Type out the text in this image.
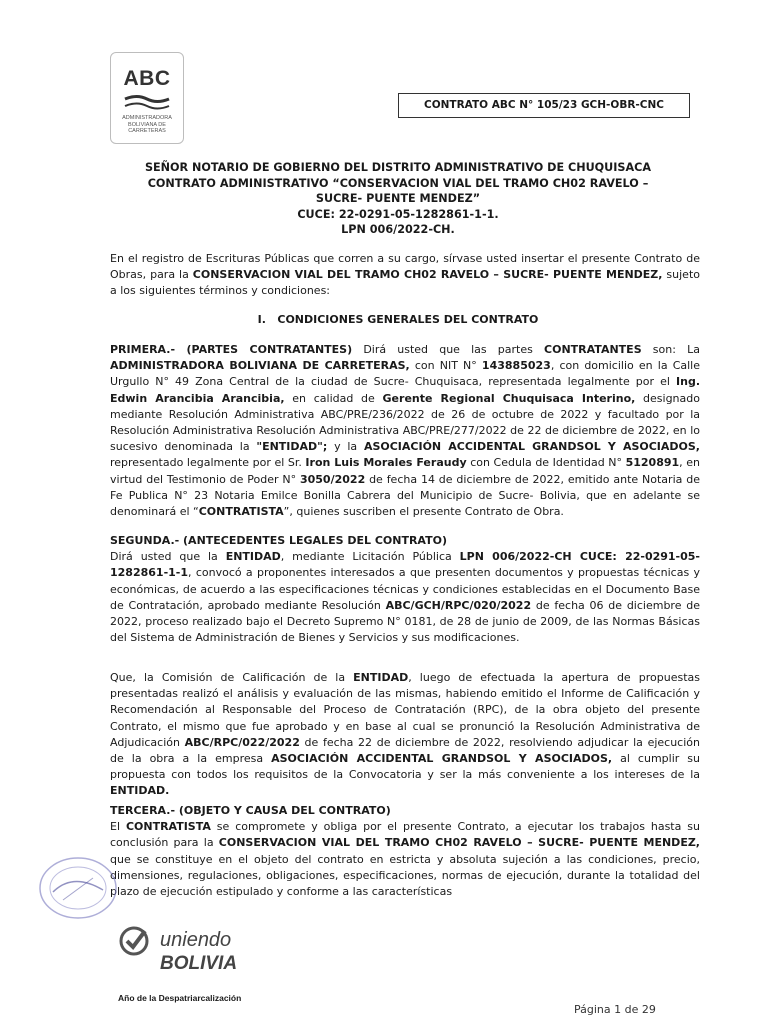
ABC
ADMINISTRADORA
BOLIVIANA DE
CARRETERAS
CONTRATO ABC N° 105/23 GCH-OBR-CNC
SEÑOR NOTARIO DE GOBIERNO DEL DISTRITO ADMINISTRATIVO DE CHUQUISACA
CONTRATO ADMINISTRATIVO “CONSERVACION VIAL DEL TRAMO CH02 RAVELO –
SUCRE- PUENTE MENDEZ”
CUCE: 22-0291-05-1282861-1-1.
LPN 006/2022-CH.
En el registro de Escrituras Públicas que corren a su cargo, sírvase usted insertar el presente Contrato de Obras, para la CONSERVACION VIAL DEL TRAMO CH02 RAVELO – SUCRE- PUENTE MENDEZ, sujeto a los siguientes términos y condiciones:
I.   CONDICIONES GENERALES DEL CONTRATO
PRIMERA.- (PARTES CONTRATANTES) Dirá usted que las partes CONTRATANTES son: La ADMINISTRADORA BOLIVIANA DE CARRETERAS, con NIT N° 143885023, con domicilio en la Calle Urgullo N° 49 Zona Central de la ciudad de Sucre- Chuquisaca, representada legalmente por el Ing. Edwin Arancibia Arancibia, en calidad de Gerente Regional Chuquisaca Interino, designado mediante Resolución Administrativa ABC/PRE/236/2022 de 26 de octubre de 2022 y facultado por la Resolución Administrativa Resolución Administrativa ABC/PRE/277/2022 de 22 de diciembre de 2022, en lo sucesivo denominada la "ENTIDAD"; y la ASOCIACIÓN ACCIDENTAL GRANDSOL Y ASOCIADOS, representado legalmente por el Sr. Iron Luis Morales Feraudy con Cedula de Identidad N° 5120891, en virtud del Testimonio de Poder N° 3050/2022 de fecha 14 de diciembre de 2022, emitido ante Notaria de Fe Publica N° 23 Notaria Emilce Bonilla Cabrera del Municipio de Sucre- Bolivia, que en adelante se denominará el “CONTRATISTA”, quienes suscriben el presente Contrato de Obra.
SEGUNDA.- (ANTECEDENTES LEGALES DEL CONTRATO)
Dirá usted que la ENTIDAD, mediante Licitación Pública LPN 006/2022-CH CUCE: 22-0291-05-1282861-1-1, convocó a proponentes interesados a que presenten documentos y propuestas técnicas y económicas, de acuerdo a las especificaciones técnicas y condiciones establecidas en el Documento Base de Contratación, aprobado mediante Resolución ABC/GCH/RPC/020/2022 de fecha 06 de diciembre de 2022, proceso realizado bajo el Decreto Supremo N° 0181, de 28 de junio de 2009, de las Normas Básicas del Sistema de Administración de Bienes y Servicios y sus modificaciones.
Que, la Comisión de Calificación de la ENTIDAD, luego de efectuada la apertura de propuestas presentadas realizó el análisis y evaluación de las mismas, habiendo emitido el Informe de Calificación y Recomendación al Responsable del Proceso de Contratación (RPC), de la obra objeto del presente Contrato, el mismo que fue aprobado y en base al cual se pronunció la Resolución Administrativa de Adjudicación ABC/RPC/022/2022 de fecha 22 de diciembre de 2022, resolviendo adjudicar la ejecución de la obra a la empresa ASOCIACIÓN ACCIDENTAL GRANDSOL Y ASOCIADOS, al cumplir su propuesta con todos los requisitos de la Convocatoria y ser la más conveniente a los intereses de la ENTIDAD.
TERCERA.- (OBJETO Y CAUSA DEL CONTRATO)
El CONTRATISTA se compromete y obliga por el presente Contrato, a ejecutar los trabajos hasta su conclusión para la CONSERVACION VIAL DEL TRAMO CH02 RAVELO – SUCRE- PUENTE MENDEZ, que se constituye en el objeto del contrato en estricta y absoluta sujeción a las condiciones, precio, dimensiones, regulaciones, obligaciones, especificaciones, normas de ejecución, durante la totalidad del plazo de ejecución estipulado y conforme a las características
uniendo
BOLIVIA
Año de la Despatriarcalización
Página 1 de 29
